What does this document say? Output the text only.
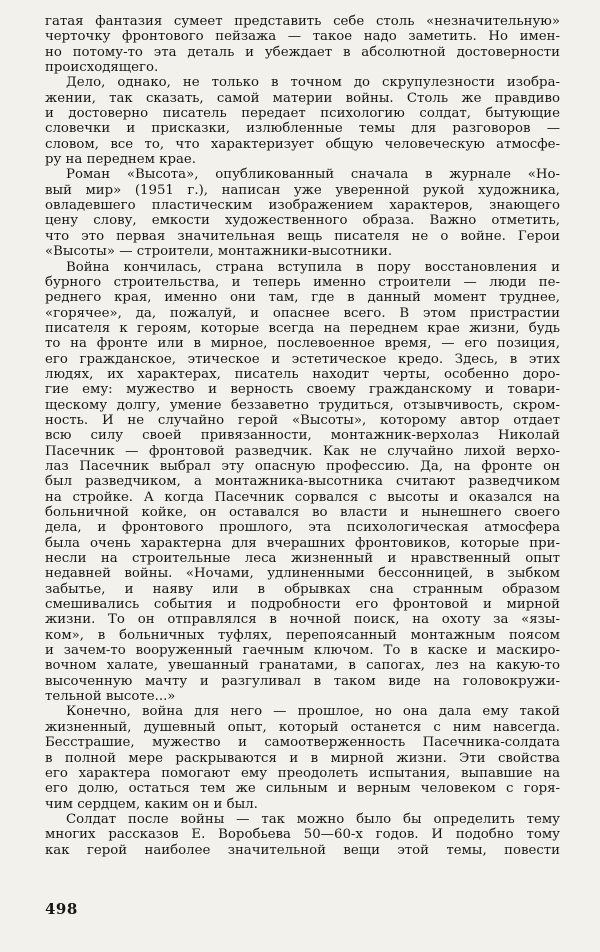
гатая фантазия сумеет представить себе столь «незначительную»
черточку фронтового пейзажа — такое надо заметить. Но имен-
но потому-то эта деталь и убеждает в абсолютной достоверности
происходящего.
Дело, однако, не только в точном до скрупулезности изобра-
жении, так сказать, самой материи войны. Столь же правдиво
и достоверно писатель передает психологию солдат, бытующие
словечки и присказки, излюбленные темы для разговоров —
словом, все то, что характеризует общую человеческую атмосфе-
ру на переднем крае.
Роман «Высота», опубликованный сначала в журнале «Но-
вый мир» (1951 г.), написан уже уверенной рукой художника,
овладевшего пластическим изображением характеров, знающего
цену слову, емкости художественного образа. Важно отметить,
что это первая значительная вещь писателя не о войне. Герои
«Высоты» — строители, монтажники-высотники.
Война кончилась, страна вступила в пору восстановления и
бурного строительства, и теперь именно строители — люди пе-
реднего края, именно они там, где в данный момент труднее,
«горячее», да, пожалуй, и опаснее всего. В этом пристрастии
писателя к героям, которые всегда на переднем крае жизни, будь
то на фронте или в мирное, послевоенное время, — его позиция,
его гражданское, этическое и эстетическое кредо. Здесь, в этих
людях, их характерах, писатель находит черты, особенно доро-
гие ему: мужество и верность своему гражданскому и товари-
щескому долгу, умение беззаветно трудиться, отзывчивость, скром-
ность. И не случайно герой «Высоты», которому автор отдает
всю силу своей привязанности, монтажник-верхолаз Николай
Пасечник — фронтовой разведчик. Как не случайно лихой верхо-
лаз Пасечник выбрал эту опасную профессию. Да, на фронте он
был разведчиком, а монтажника-высотника считают разведчиком
на стройке. А когда Пасечник сорвался с высоты и оказался на
больничной койке, он оставался во власти и нынешнего своего
дела, и фронтового прошлого, эта психологическая атмосфера
была очень характерна для вчерашних фронтовиков, которые при-
несли на строительные леса жизненный и нравственный опыт
недавней войны. «Ночами, удлиненными бессонницей, в зыбком
забытье, и наяву или в обрывках сна странным образом
смешивались события и подробности его фронтовой и мирной
жизни. То он отправлялся в ночной поиск, на охоту за «язы-
ком», в больничных туфлях, перепоясанный монтажным поясом
и зачем-то вооруженный гаечным ключом. То в каске и маскиро-
вочном халате, увешанный гранатами, в сапогах, лез на какую-то
высоченную мачту и разгуливал в таком виде на головокружи-
тельной высоте...»
Конечно, война для него — прошлое, но она дала ему такой
жизненный, душевный опыт, который останется с ним навсегда.
Бесстрашие, мужество и самоотверженность Пасечника-солдата
в полной мере раскрываются и в мирной жизни. Эти свойства
его характера помогают ему преодолеть испытания, выпавшие на
его долю, остаться тем же сильным и верным человеком с горя-
чим сердцем, каким он и был.
Солдат после войны — так можно было бы определить тему
многих рассказов Е. Воробьева 50—60-х годов. И подобно тому
как герой наиболее значительной вещи этой темы, повести
498
